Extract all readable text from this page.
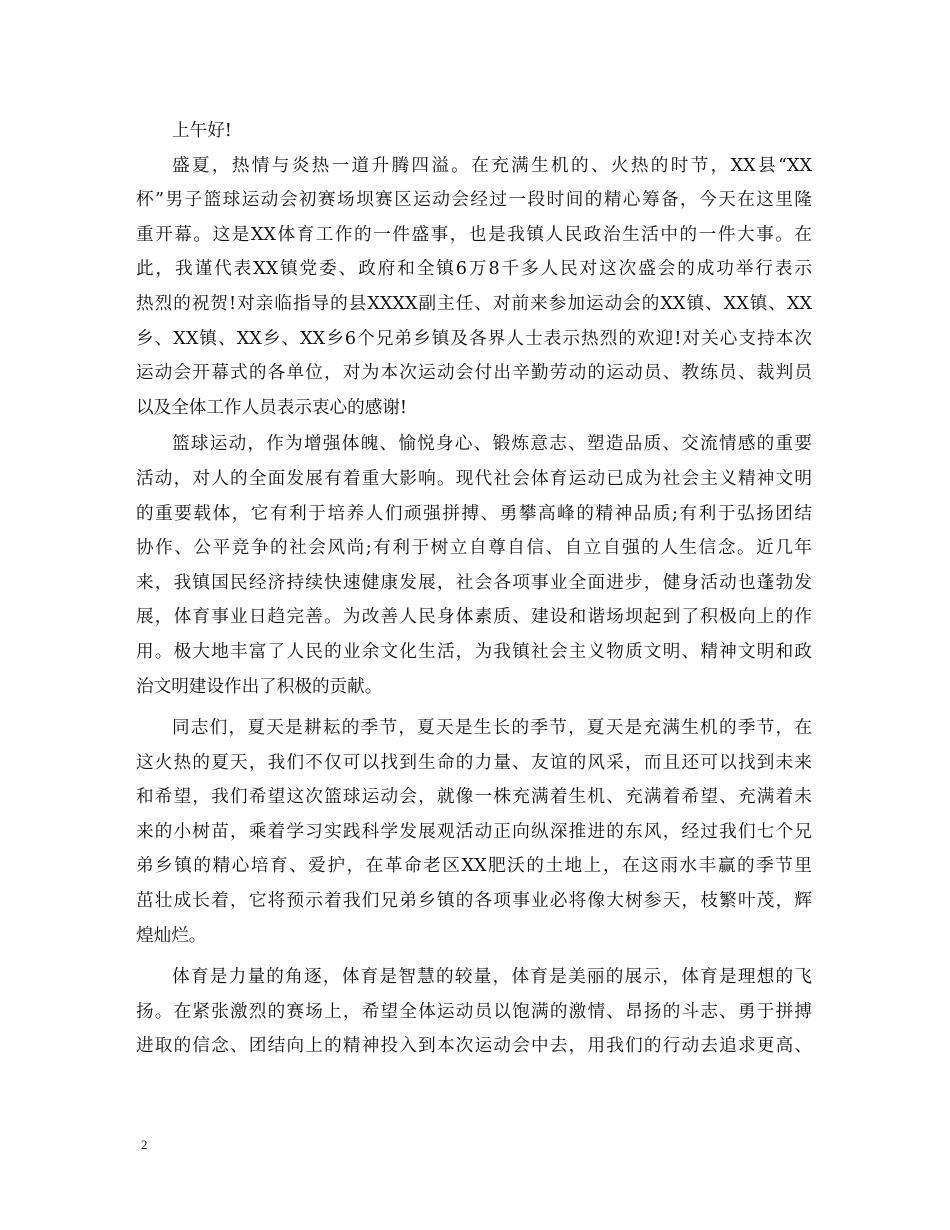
上午好!
盛夏，热情与炎热一道升腾四溢。在充满生机的、火热的时节，XX县“XX
杯”男子篮球运动会初赛场坝赛区运动会经过一段时间的精心筹备，今天在这里隆
重开幕。这是XX体育工作的一件盛事，也是我镇人民政治生活中的一件大事。在
此，我谨代表XX镇党委、政府和全镇6万8千多人民对这次盛会的成功举行表示
热烈的祝贺!对亲临指导的县XXXX副主任、对前来参加运动会的XX镇、XX镇、XX
乡、XX镇、XX乡、XX乡6个兄弟乡镇及各界人士表示热烈的欢迎!对关心支持本次
运动会开幕式的各单位，对为本次运动会付出辛勤劳动的运动员、教练员、裁判员
以及全体工作人员表示衷心的感谢!
篮球运动，作为增强体魄、愉悦身心、锻炼意志、塑造品质、交流情感的重要
活动，对人的全面发展有着重大影响。现代社会体育运动已成为社会主义精神文明
的重要载体，它有利于培养人们顽强拼搏、勇攀高峰的精神品质;有利于弘扬团结
协作、公平竞争的社会风尚;有利于树立自尊自信、自立自强的人生信念。近几年
来，我镇国民经济持续快速健康发展，社会各项事业全面进步，健身活动也蓬勃发
展，体育事业日趋完善。为改善人民身体素质、建设和谐场坝起到了积极向上的作
用。极大地丰富了人民的业余文化生活，为我镇社会主义物质文明、精神文明和政
治文明建设作出了积极的贡献。
同志们，夏天是耕耘的季节，夏天是生长的季节，夏天是充满生机的季节，在
这火热的夏天，我们不仅可以找到生命的力量、友谊的风采，而且还可以找到未来
和希望，我们希望这次篮球运动会，就像一株充满着生机、充满着希望、充满着未
来的小树苗，乘着学习实践科学发展观活动正向纵深推进的东风，经过我们七个兄
弟乡镇的精心培育、爱护，在革命老区XX肥沃的土地上，在这雨水丰赢的季节里
茁壮成长着，它将预示着我们兄弟乡镇的各项事业必将像大树参天，枝繁叶茂，辉
煌灿烂。
体育是力量的角逐，体育是智慧的较量，体育是美丽的展示，体育是理想的飞
扬。在紧张激烈的赛场上，希望全体运动员以饱满的激情、昂扬的斗志、勇于拼搏
进取的信念、团结向上的精神投入到本次运动会中去，用我们的行动去追求更高、
2
